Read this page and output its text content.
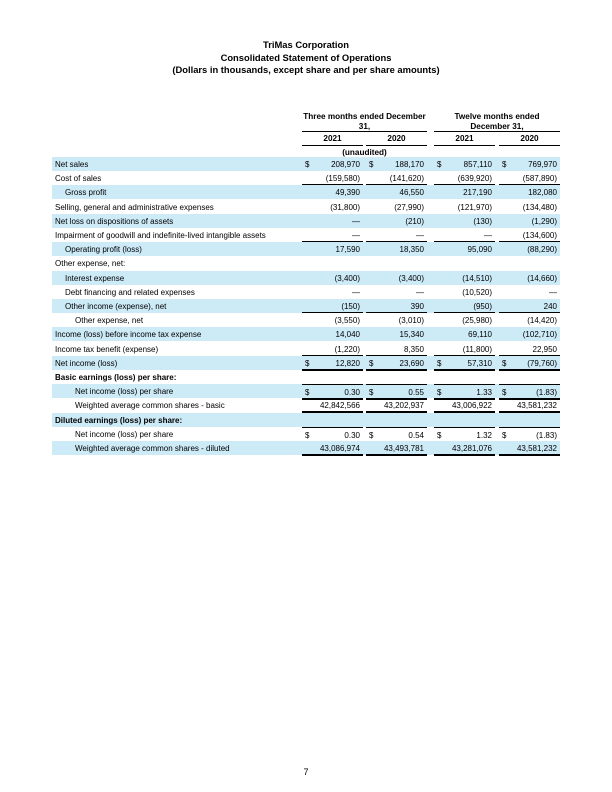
TriMas Corporation
Consolidated Statement of Operations
(Dollars in thousands, except share and per share amounts)
Three months ended December 31,
Twelve months ended December 31,
2021	2020	2021	2020
(unaudited)
Net sales	$	208,970 $	188,170 $	857,110 $	769,970
Cost of sales	(159,580)	(141,620)	(639,920)	(587,890)
Gross profit	49,390	46,550	217,190	182,080
Selling, general and administrative expenses	(31,800)	(27,990)	(121,970)	(134,480)
Net loss on dispositions of assets	—	(210)	(130)	(1,290)
Impairment of goodwill and indefinite-lived intangible assets	—	—	—	(134,600)
Operating profit (loss)	17,590	18,350	95,090	(88,290)
Other expense, net:
Interest expense	(3,400)	(3,400)	(14,510)	(14,660)
Debt financing and related expenses	—	—	(10,520)	—
Other income (expense), net	(150)	390	(950)	240
Other expense, net	(3,550)	(3,010)	(25,980)	(14,420)
Income (loss) before income tax expense	14,040	15,340	69,110	(102,710)
Income tax benefit (expense)	(1,220)	8,350	(11,800)	22,950
Net income (loss)	$	12,820 $	23,690 $	57,310 $	(79,760)
Basic earnings (loss) per share:
Net income (loss) per share	$	0.30 $	0.55 $	1.33 $	(1.83)
Weighted average common shares - basic	42,842,566	43,202,937	43,006,922	43,581,232
Diluted earnings (loss) per share:
Net income (loss) per share	$	0.30 $	0.54 $	1.32 $	(1.83)
Weighted average common shares - diluted	43,086,974	43,493,781	43,281,076	43,581,232
7
